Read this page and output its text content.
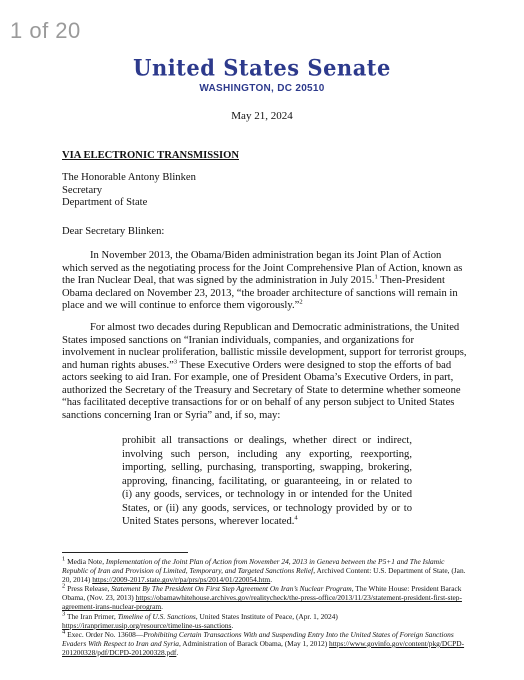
1 of 20
United States Senate
WASHINGTON, DC 20510
May 21, 2024
VIA ELECTRONIC TRANSMISSION
The Honorable Antony Blinken
Secretary
Department of State
Dear Secretary Blinken:
In November 2013, the Obama/Biden administration began its Joint Plan of Action which served as the negotiating process for the Joint Comprehensive Plan of Action, known as the Iran Nuclear Deal, that was signed by the administration in July 2015.$^1$ Then-President Obama declared on November 23, 2013, “the broader architecture of sanctions will remain in place and we will continue to enforce them vigorously.”$^2$
For almost two decades during Republican and Democratic administrations, the United States imposed sanctions on “Iranian individuals, companies, and organizations for involvement in nuclear proliferation, ballistic missile development, support for terrorist groups, and human rights abuses.”$^3$ These Executive Orders were designed to stop the efforts of bad actors seeking to aid Iran. For example, one of President Obama’s Executive Orders, in part, authorized the Secretary of the Treasury and Secretary of State to determine whether someone “has facilitated deceptive transactions for or on behalf of any person subject to United States sanctions concerning Iran or Syria” and, if so, may:
prohibit all transactions or dealings, whether direct or indirect, involving such person, including any exporting, reexporting, importing, selling, purchasing, transporting, swapping, brokering, approving, financing, facilitating, or guaranteeing, in or related to (i) any goods, services, or technology in or intended for the United States, or (ii) any goods, services, or technology provided by or to United States persons, wherever located.$^4$
$^1$ Media Note, Implementation of the Joint Plan of Action from November 24, 2013 in Geneva between the P5+1 and The Islamic Republic of Iran and Provision of Limited, Temporary, and Targeted Sanctions Relief, Archived Content: U.S. Department of State, (Jan. 20, 2014) https://2009-2017.state.gov/r/pa/prs/ps/2014/01/220054.htm.
$^2$ Press Release, Statement By The President On First Step Agreement On Iran’s Nuclear Program, The White House: President Barack Obama, (Nov. 23, 2013) https://obamawhitehouse.archives.gov/realitycheck/the-press-office/2013/11/23/statement-president-first-step-agreement-irans-nuclear-program.
$^3$ The Iran Primer, Timeline of U.S. Sanctions, United States Institute of Peace, (Apr. 1, 2024) https://iranprimer.usip.org/resource/timeline-us-sanctions.
$^4$ Exec. Order No. 13608—Prohibiting Certain Transactions With and Suspending Entry Into the United States of Foreign Sanctions Evaders With Respect to Iran and Syria, Administration of Barack Obama, (May 1, 2012) https://www.govinfo.gov/content/pkg/DCPD-201200328/pdf/DCPD-201200328.pdf.
